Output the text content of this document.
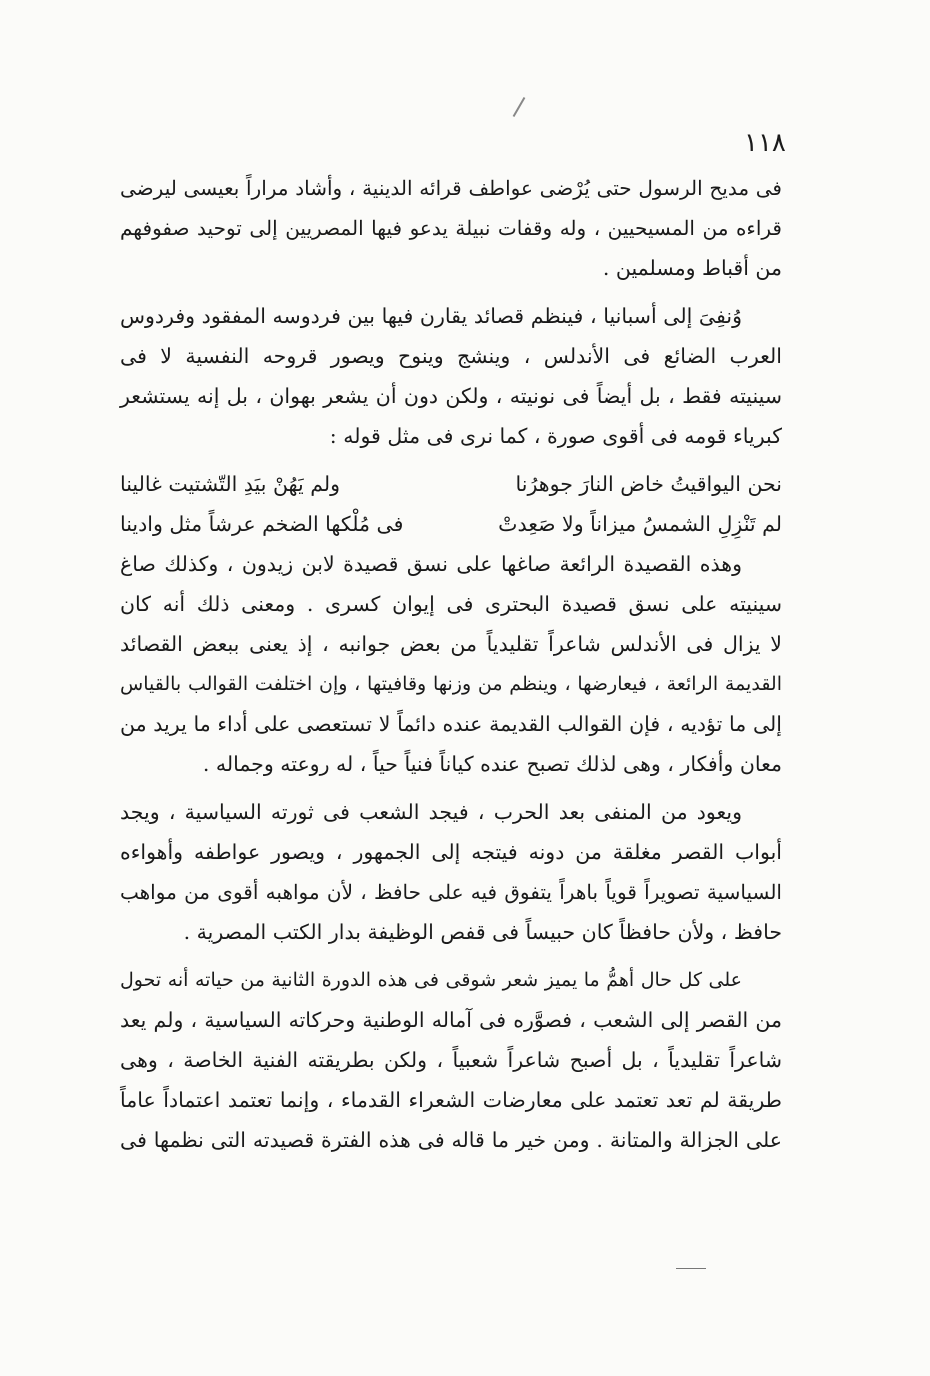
١١٨
فى مديح الرسول حتى يُرْضى عواطف قرائه الدينية ، وأشاد مراراً بعيسى ليرضى
قراءه من المسيحيين ، وله وقفات نبيلة يدعو فيها المصريين إلى توحيد صفوفهم
من أقباط ومسلمين .
وُنفِىَ إلى أسبانيا ، فينظم قصائد يقارن فيها بين فردوسه المفقود وفردوس
العرب الضائع فى الأندلس ، وينشج وينوح ويصور قروحه النفسية لا فى
سينيته فقط ، بل أيضاً فى نونيته ، ولكن دون أن يشعر بهوان ، بل إنه يستشعر
كبرياء قومه فى أقوى صورة ، كما نرى فى مثل قوله :
نحن اليواقيتُ خاض النارَ جوهرُنا
ولم يَهُنْ بيَدِ التّشتيت غالينا
لم تَنْزِلِ الشمسُ ميزاناً ولا صَعِدتْ
فى مُلْكها الضخم عرشاً مثل وادينا
وهذه القصيدة الرائعة صاغها على نسق قصيدة لابن زيدون ، وكذلك صاغ
سينيته على نسق قصيدة البحترى فى إيوان كسرى . ومعنى ذلك أنه كان
لا يزال فى الأندلس شاعراً تقليدياً من بعض جوانبه ، إذ يعنى ببعض القصائد
القديمة الرائعة ، فيعارضها ، وينظم من وزنها وقافيتها ، وإن اختلفت القوالب بالقياس
إلى ما تؤديه ، فإن القوالب القديمة عنده دائماً لا تستعصى على أداء ما يريد من
معان وأفكار ، وهى لذلك تصبح عنده كياناً فنياً حياً ، له روعته وجماله .
ويعود من المنفى بعد الحرب ، فيجد الشعب فى ثورته السياسية ، ويجد
أبواب القصر مغلقة من دونه فيتجه إلى الجمهور ، ويصور عواطفه وأهواءه
السياسية تصويراً قوياً باهراً يتفوق فيه على حافظ ، لأن مواهبه أقوى من مواهب
حافظ ، ولأن حافظاً كان حبيساً فى قفص الوظيفة بدار الكتب المصرية .
على كل حال أهمُّ ما يميز شعر شوقى فى هذه الدورة الثانية من حياته أنه تحول
من القصر إلى الشعب ، فصوَّره فى آماله الوطنية وحركاته السياسية ، ولم يعد
شاعراً تقليدياً ، بل أصبح شاعراً شعبياً ، ولكن بطريقته الفنية الخاصة ، وهى
طريقة لم تعد تعتمد على معارضات الشعراء القدماء ، وإنما تعتمد اعتماداً عاماً
على الجزالة والمتانة . ومن خير ما قاله فى هذه الفترة قصيدته التى نظمها فى
